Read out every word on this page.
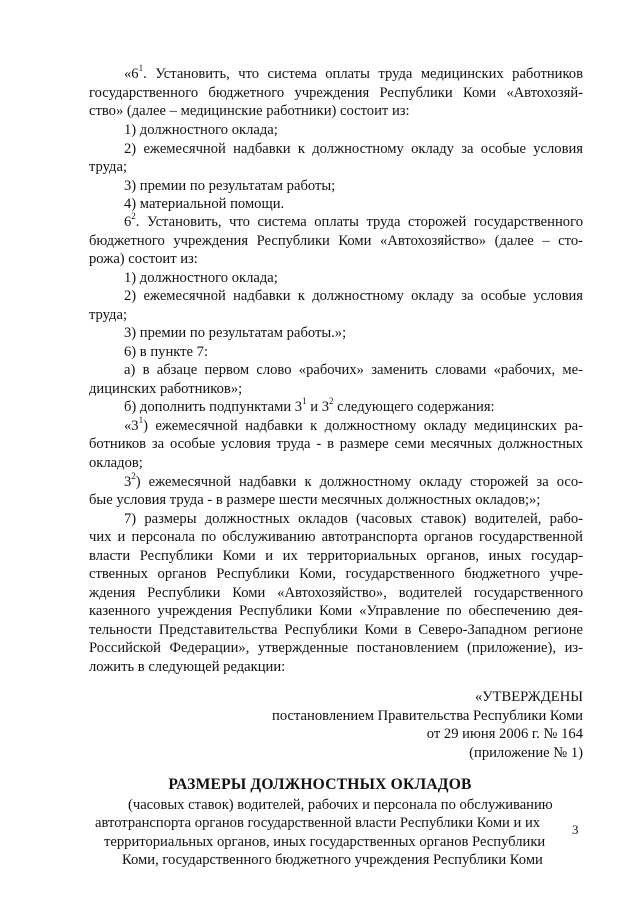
«$6^1$. Установить, что система оплаты труда медицинских работников
государственного бюджетного учреждения Республики Коми «Автохозяй-
ство» (далее – медицинские работники) состоит из:
1) должностного оклада;
2) ежемесячной надбавки к должностному окладу за особые условия
труда;
3) премии по результатам работы;
4) материальной помощи.
$6^2$. Установить, что система оплаты труда сторожей государственного
бюджетного учреждения Республики Коми «Автохозяйство» (далее – сто-
рожа) состоит из:
1) должностного оклада;
2) ежемесячной надбавки к должностному окладу за особые условия
труда;
3) премии по результатам работы.»;
6) в пункте 7:
а) в абзаце первом слово «рабочих» заменить словами «рабочих, ме-
дицинских работников»;
б) дополнить подпунктами $3^1$ и $3^2$ следующего содержания:
«$3^1$) ежемесячной надбавки к должностному окладу медицинских ра-
ботников за особые условия труда - в размере семи месячных должностных
окладов;
$3^2$) ежемесячной надбавки к должностному окладу сторожей за осо-
бые условия труда - в размере шести месячных должностных окладов;»;
7) размеры должностных окладов (часовых ставок) водителей, рабо-
чих и персонала по обслуживанию автотранспорта органов государственной
власти Республики Коми и их территориальных органов, иных государ-
ственных органов Республики Коми, государственного бюджетного учре-
ждения Республики Коми «Автохозяйство», водителей государственного
казенного учреждения Республики Коми «Управление по обеспечению дея-
тельности Представительства Республики Коми в Северо-Западном регионе
Российской Федерации», утвержденные постановлением (приложение), из-
ложить в следующей редакции:
«УТВЕРЖДЕНЫ
постановлением Правительства Республики Коми
от 29 июня 2006 г. № 164
(приложение № 1)
РАЗМЕРЫ ДОЛЖНОСТНЫХ ОКЛАДОВ
(часовых ставок) водителей, рабочих и персонала по обслуживанию
автотранспорта органов государственной власти Республики Коми и их
территориальных органов, иных государственных органов Республики
Коми, государственного бюджетного учреждения Республики Коми
3
